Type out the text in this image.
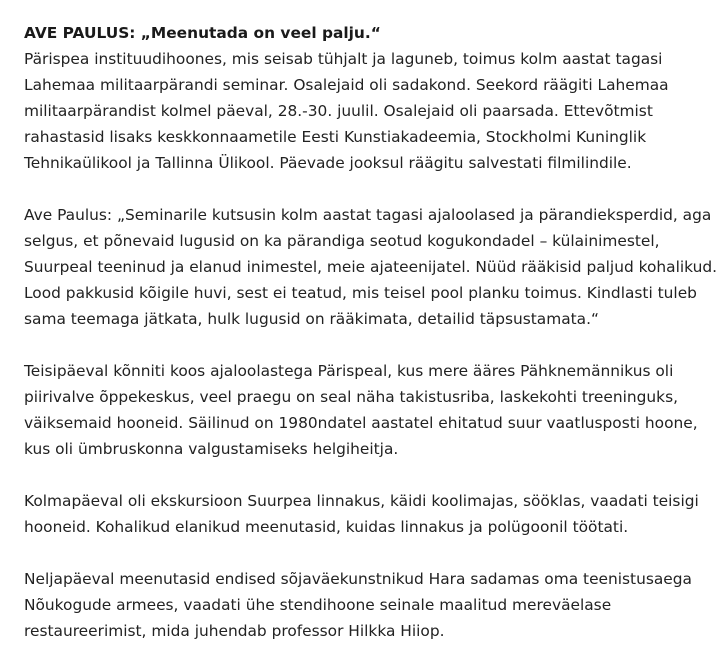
AVE PAULUS: „Meenutada on veel palju.“
Pärispea instituudihoones, mis seisab tühjalt ja laguneb, toimus kolm aastat tagasi Lahemaa militaarpärandi seminar. Osalejaid oli sadakond. Seekord räägiti Lahemaa militaarpärandist kolmel päeval, 28.-30. juulil. Osalejaid oli paarsada. Ettevõtmist rahastasid lisaks keskkonnaametile Eesti Kunstiakadeemia, Stockholmi Kuninglik Tehnikaülikool ja Tallinna Ülikool. Päevade jooksul räägitu salvestati filmilindile.

Ave Paulus: „Seminarile kutsusin kolm aastat tagasi ajaloolased ja pärandieksperdid, aga selgus, et põnevaid lugusid on ka pärandiga seotud kogukondadel – külainimestel, Suurpeal teeninud ja elanud inimestel, meie ajateenijatel. Nüüd rääkisid paljud kohalikud. Lood pakkusid kõigile huvi, sest ei teatud, mis teisel pool planku toimus. Kindlasti tuleb sama teemaga jätkata, hulk lugusid on rääkimata, detailid täpsustamata.“

Teisipäeval kõnniti koos ajaloolastega Pärispeal, kus mere ääres Pähknemännikus oli piirivalve õppekeskus, veel praegu on seal näha takistusriba, laskekohti treeninguks, väiksemaid hooneid. Säilinud on 1980ndatel aastatel ehitatud suur vaatlusposti hoone, kus oli ümbruskonna valgustamiseks helgiheitja.

Kolmapäeval oli ekskursioon Suurpea linnakus, käidi koolimajas, sööklas, vaadati teisigi hooneid. Kohalikud elanikud meenutasid, kuidas linnakus ja polügoonil töötati.

Neljapäeval meenutasid endised sõjaväekunstnikud Hara sadamas oma teenistusaega Nõukogude armees, vaadati ühe stendihoone seinale maalitud mereväelase restaureerimist, mida juhendab professor Hilkka Hiiop.
